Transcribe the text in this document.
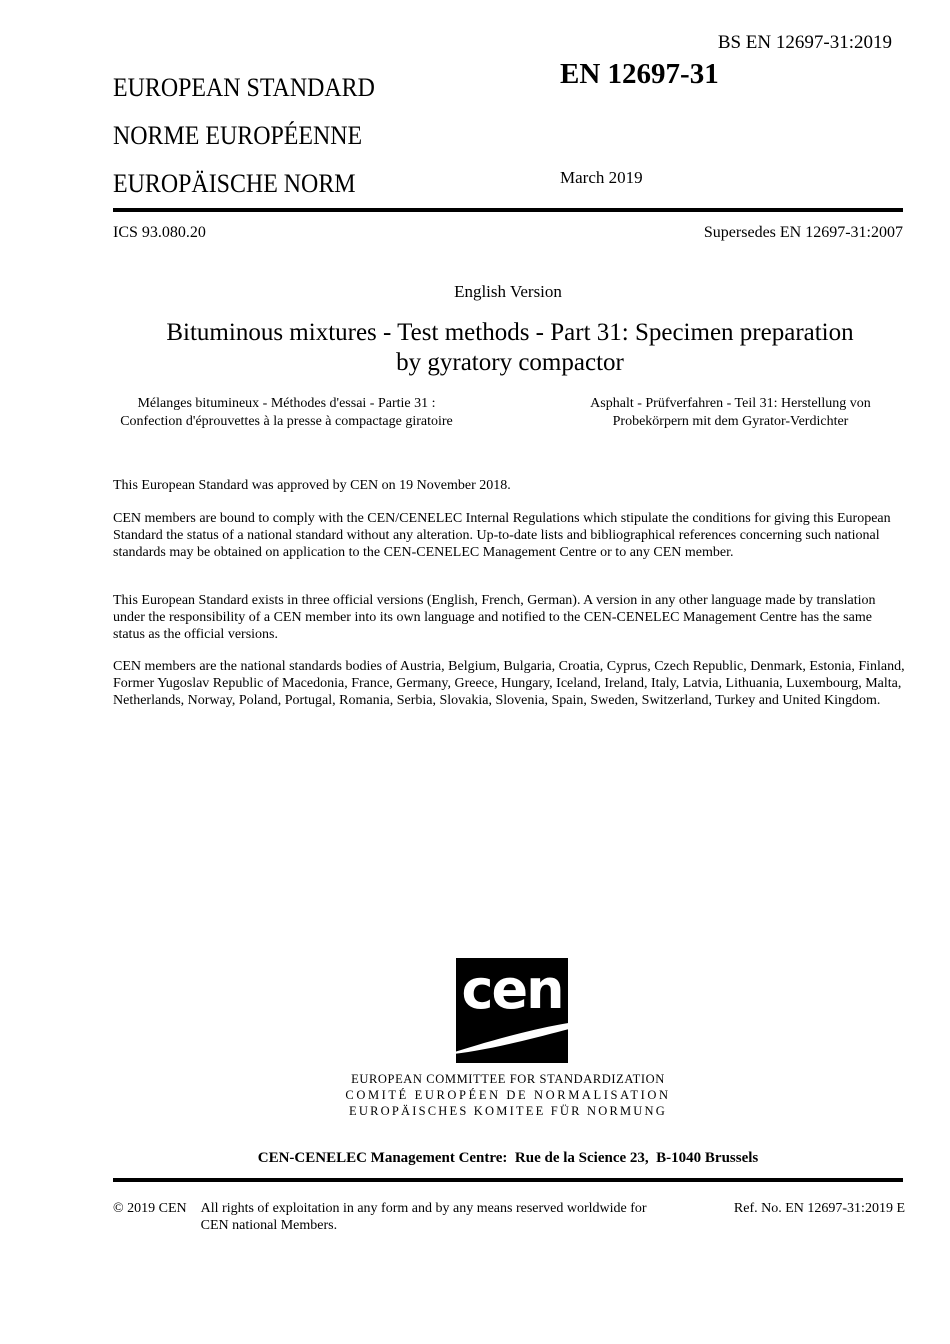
BS EN 12697-31:2019
EUROPEAN STANDARD
NORME EUROPÉENNE
EUROPÄISCHE NORM
EN 12697-31
March 2019
ICS 93.080.20	Supersedes EN 12697-31:2007
English Version
Bituminous mixtures - Test methods - Part 31: Specimen preparation by gyratory compactor
Mélanges bitumineux - Méthodes d'essai - Partie 31 : Confection d'éprouvettes à la presse à compactage giratoire
Asphalt - Prüfverfahren - Teil 31: Herstellung von Probekörpern mit dem Gyrator-Verdichter
This European Standard was approved by CEN on 19 November 2018.
CEN members are bound to comply with the CEN/CENELEC Internal Regulations which stipulate the conditions for giving this European Standard the status of a national standard without any alteration. Up-to-date lists and bibliographical references concerning such national standards may be obtained on application to the CEN-CENELEC Management Centre or to any CEN member.
This European Standard exists in three official versions (English, French, German). A version in any other language made by translation under the responsibility of a CEN member into its own language and notified to the CEN-CENELEC Management Centre has the same status as the official versions.
CEN members are the national standards bodies of Austria, Belgium, Bulgaria, Croatia, Cyprus, Czech Republic, Denmark, Estonia, Finland, Former Yugoslav Republic of Macedonia, France, Germany, Greece, Hungary, Iceland, Ireland, Italy, Latvia, Lithuania, Luxembourg, Malta, Netherlands, Norway, Poland, Portugal, Romania, Serbia, Slovakia, Slovenia, Spain, Sweden, Switzerland, Turkey and United Kingdom.
cen
EUROPEAN COMMITTEE FOR STANDARDIZATION
COMITÉ EUROPÉEN DE NORMALISATION
EUROPÄISCHES KOMITEE FÜR NORMUNG
CEN-CENELEC Management Centre:  Rue de la Science 23,  B-1040 Brussels
© 2019 CEN All rights of exploitation in any form and by any means reserved worldwide for CEN national Members.
Ref. No. EN 12697-31:2019 E
